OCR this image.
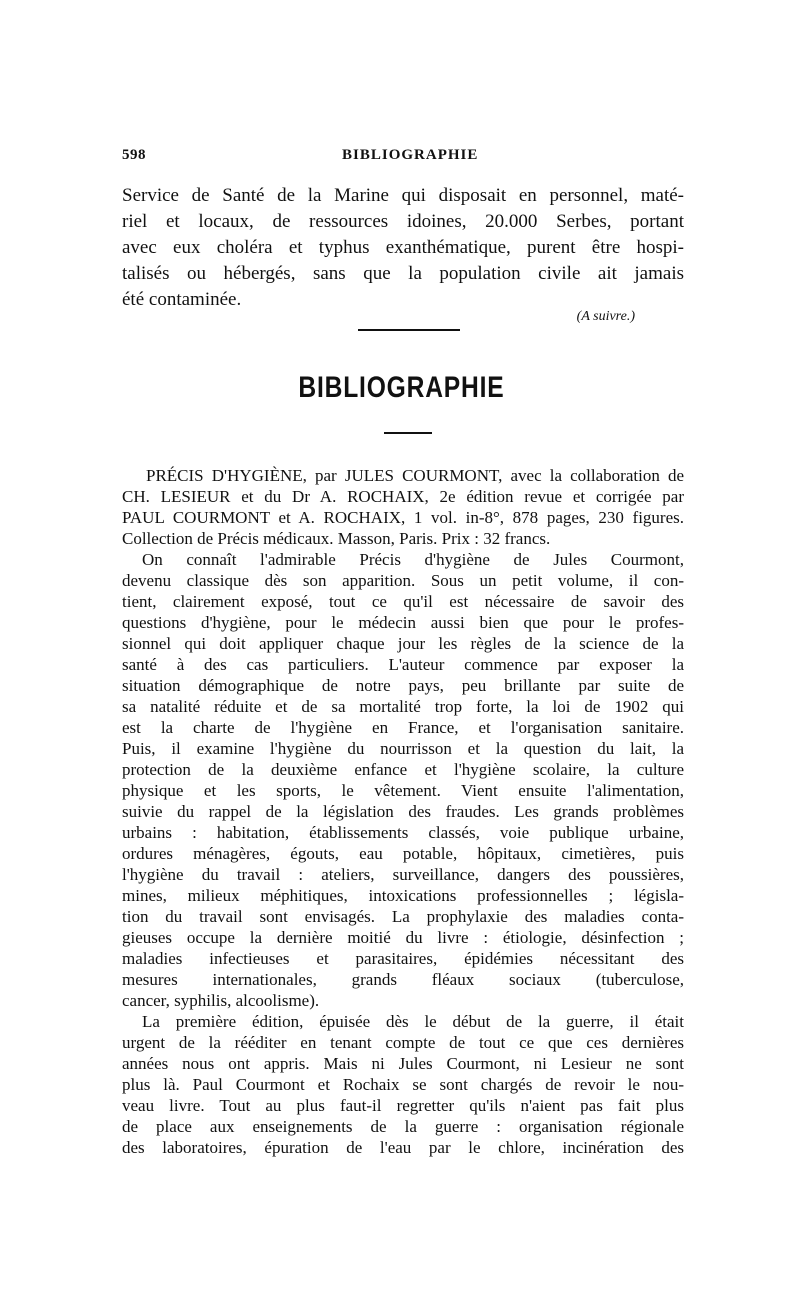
598	BIBLIOGRAPHIE
Service de Santé de la Marine qui disposait en personnel, maté-
riel et locaux, de ressources idoines, 20.000 Serbes, portant
avec eux choléra et typhus exanthématique, purent être hospi-
talisés ou hébergés, sans que la population civile ait jamais
été contaminée.
(A suivre.)
BIBLIOGRAPHIE
PRÉCIS D'HYGIÈNE, par JULES COURMONT, avec la collaboration de
CH. LESIEUR et du Dr A. ROCHAIX, 2e édition revue et corrigée par
PAUL COURMONT et A. ROCHAIX, 1 vol. in-8°, 878 pages, 230 figures.
Collection de Précis médicaux. Masson, Paris. Prix : 32 francs.
On connaît l'admirable Précis d'hygiène de Jules Courmont,
devenu classique dès son apparition. Sous un petit volume, il con-
tient, clairement exposé, tout ce qu'il est nécessaire de savoir des
questions d'hygiène, pour le médecin aussi bien que pour le profes-
sionnel qui doit appliquer chaque jour les règles de la science de la
santé à des cas particuliers. L'auteur commence par exposer la
situation démographique de notre pays, peu brillante par suite de
sa natalité réduite et de sa mortalité trop forte, la loi de 1902 qui
est la charte de l'hygiène en France, et l'organisation sanitaire.
Puis, il examine l'hygiène du nourrisson et la question du lait, la
protection de la deuxième enfance et l'hygiène scolaire, la culture
physique et les sports, le vêtement. Vient ensuite l'alimentation,
suivie du rappel de la législation des fraudes. Les grands problèmes
urbains : habitation, établissements classés, voie publique urbaine,
ordures ménagères, égouts, eau potable, hôpitaux, cimetières, puis
l'hygiène du travail : ateliers, surveillance, dangers des poussières,
mines, milieux méphitiques, intoxications professionnelles ; législa-
tion du travail sont envisagés. La prophylaxie des maladies conta-
gieuses occupe la dernière moitié du livre : étiologie, désinfection ;
maladies infectieuses et parasitaires, épidémies nécessitant des
mesures internationales, grands fléaux sociaux (tuberculose,
cancer, syphilis, alcoolisme).
La première édition, épuisée dès le début de la guerre, il était
urgent de la rééditer en tenant compte de tout ce que ces dernières
années nous ont appris. Mais ni Jules Courmont, ni Lesieur ne sont
plus là. Paul Courmont et Rochaix se sont chargés de revoir le nou-
veau livre. Tout au plus faut-il regretter qu'ils n'aient pas fait plus
de place aux enseignements de la guerre : organisation régionale
des laboratoires, épuration de l'eau par le chlore, incinération des
